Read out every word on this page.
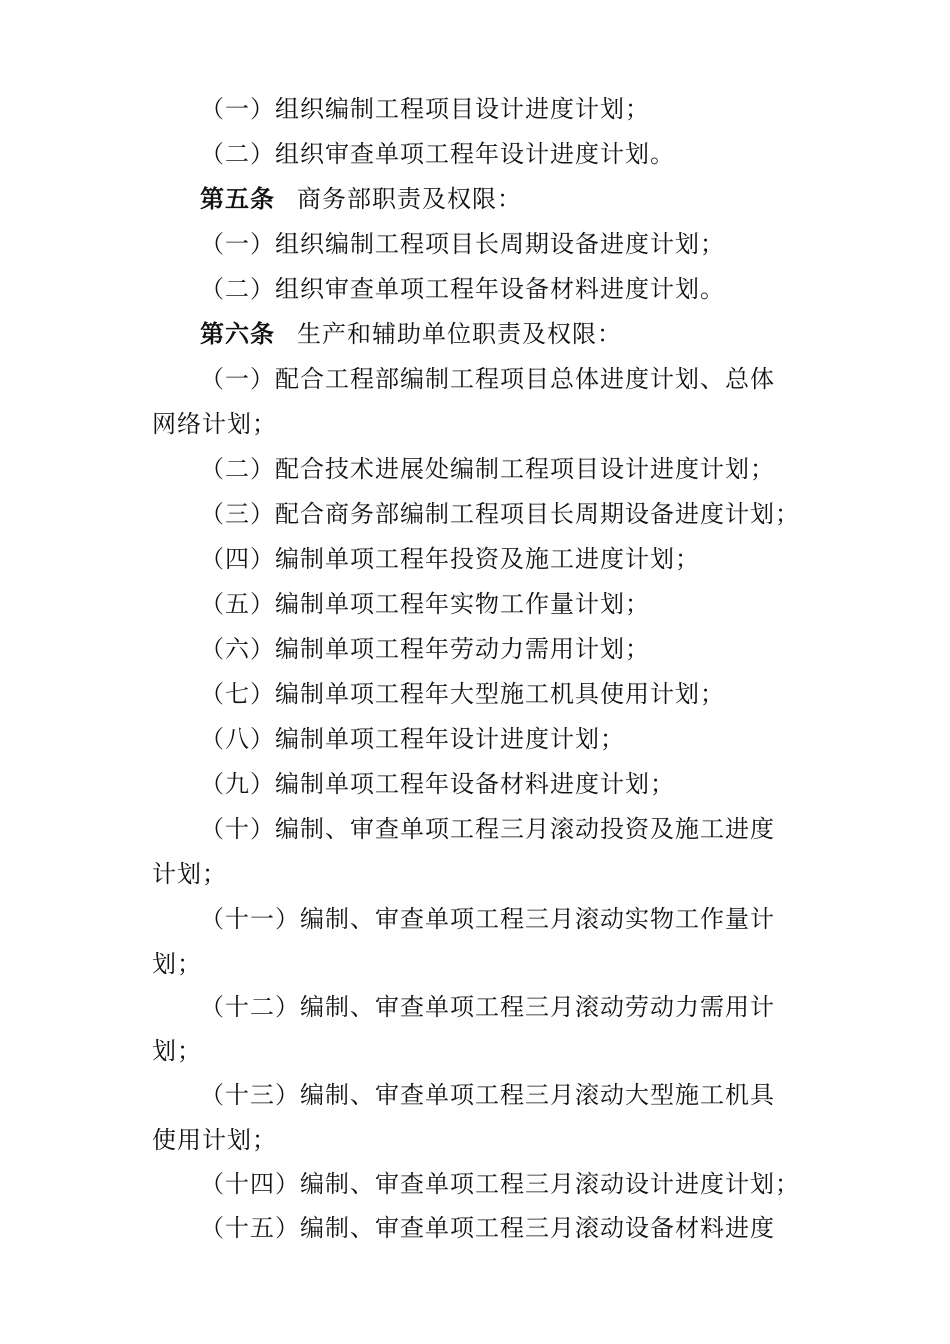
（一）组织编制工程项目设计进度计划；
（二）组织审查单项工程年设计进度计划。
第五条 商务部职责及权限：
（一）组织编制工程项目长周期设备进度计划；
（二）组织审查单项工程年设备材料进度计划。
第六条 生产和辅助单位职责及权限：
（一）配合工程部编制工程项目总体进度计划、总体
网络计划；
（二）配合技术进展处编制工程项目设计进度计划；
（三）配合商务部编制工程项目长周期设备进度计划；
（四）编制单项工程年投资及施工进度计划；
（五）编制单项工程年实物工作量计划；
（六）编制单项工程年劳动力需用计划；
（七）编制单项工程年大型施工机具使用计划；
（八）编制单项工程年设计进度计划；
（九）编制单项工程年设备材料进度计划；
（十）编制、审查单项工程三月滚动投资及施工进度
计划；
（十一）编制、审查单项工程三月滚动实物工作量计
划；
（十二）编制、审查单项工程三月滚动劳动力需用计
划；
（十三）编制、审查单项工程三月滚动大型施工机具
使用计划；
（十四）编制、审查单项工程三月滚动设计进度计划；
（十五）编制、审查单项工程三月滚动设备材料进度
